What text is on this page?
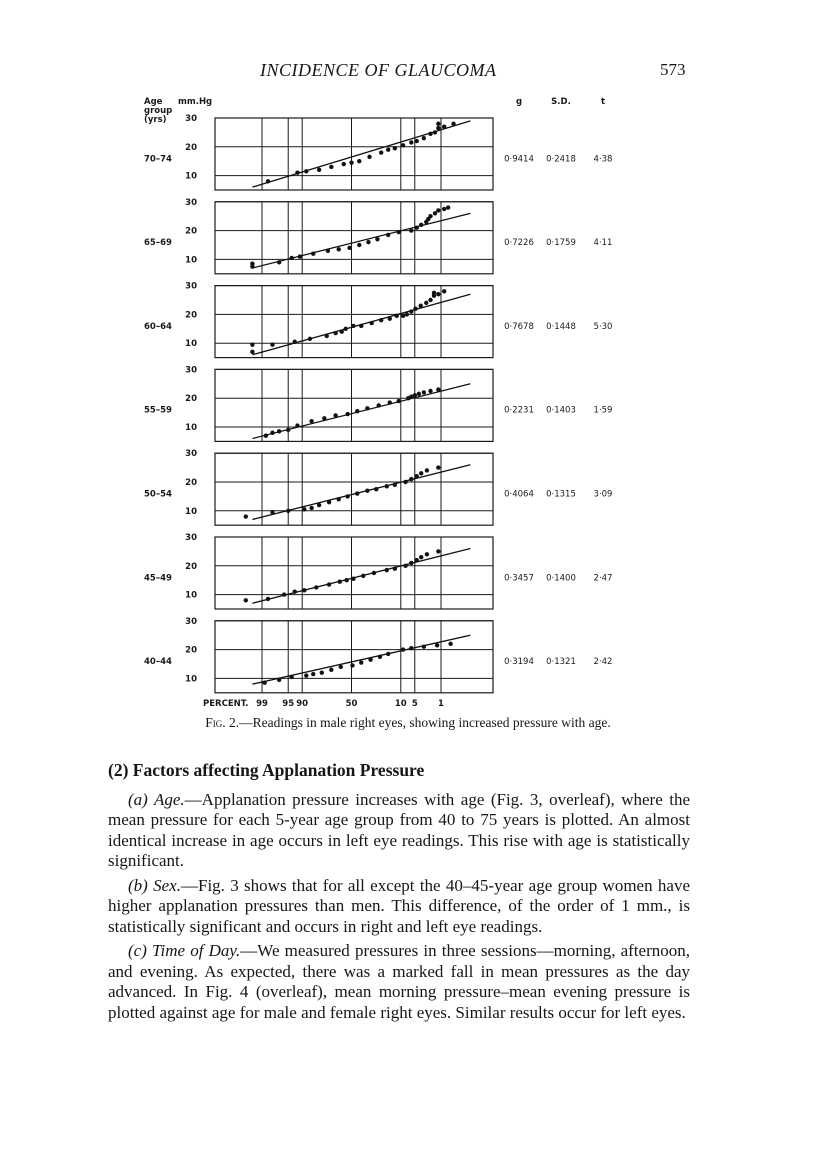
INCIDENCE OF GLAUCOMA	573
Age
group
(yrs)
mm.Hg	g	S.D.	t
30
20
10
70–74	0·9414 0·2418 4·38
30
20
10
65–69	0·7226 0·1759 4·11
30
20
10
60–64	0·7678 0·1448 5·30
30
20
10
55–59	0·2231 0·1403 1·59
30
20
10
50–54	0·4064 0·1315 3·09
30
20
10
45–49	0·3457 0·1400 2·47
30
20
10
40–44	0·3194 0·1321 2·42
PERCENT. 99 95 90	50	10 5 1
Fig. 2.—Readings in male right eyes, showing increased pressure with age.
(2) Factors affecting Applanation Pressure

(a) Age.—Applanation pressure increases with age (Fig. 3, overleaf), where the mean pressure for each 5-year age group from 40 to 75 years is plotted. An almost identical increase in age occurs in left eye readings. This rise with age is statistically significant.

(b) Sex.—Fig. 3 shows that for all except the 40–45-year age group women have higher applanation pressures than men. This difference, of the order of 1 mm., is statistically significant and occurs in right and left eye readings.

(c) Time of Day.—We measured pressures in three sessions—morning, afternoon, and evening. As expected, there was a marked fall in mean pressures as the day advanced. In Fig. 4 (overleaf), mean morning pressure–mean evening pressure is plotted against age for male and female right eyes. Similar results occur for left eyes.
